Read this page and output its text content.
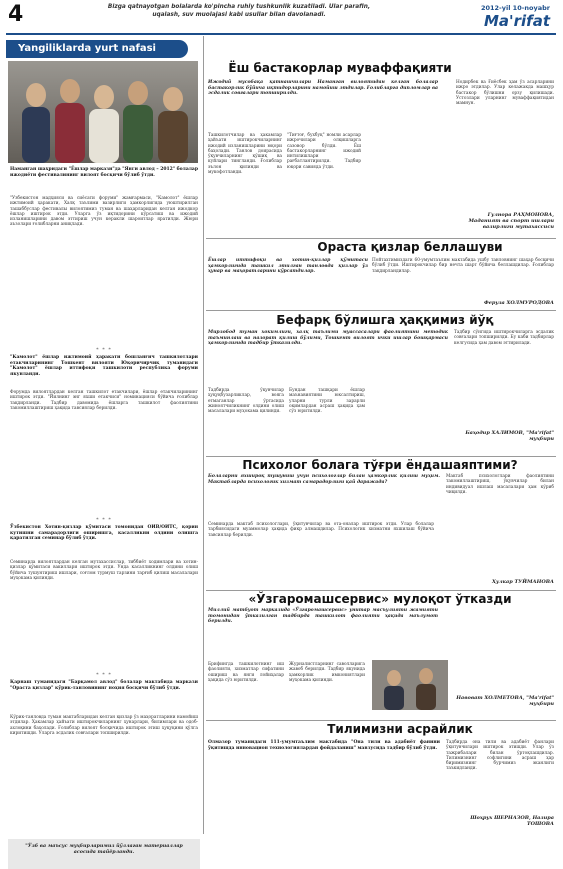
4	Bizga qatnayotgan bolalarda ko'pincha ruhiy tushkunlik kuzatiladi. Ular parafin, uqalash, suv muolajasi kabi usullar bilan davolanadi.
2012-yil 10-noyabr
Ma'rifat
Yangiliklarda yurt nafasi
Наманган шаҳридаги "Ёшлар маркази"да "Янги авлод – 2012" болалар ижодиёти фестивалининг вилоят босқичи бўлиб ўтди.
"Узбекистон мадҳияси ва сиёсати форуми" жамғармаси, "Камолот" ёшлар ижтимоий ҳаракати, Халқ таълими вазирлиги ҳамкорлигида уюштирилган ташаббуслар фестивалы вилоятимиз туман ва шаҳарларидан келган ижодкор ёшлар иштирок этди. Уларга ўз иқтидорини кўрсатиш ва ижодий изланишларини давом эттириш учун керакли шароитлар яратилди. Жюри аъзолари ғолибларни аниқлади.
* * *
"Камолот" ёшлар ижтимоий ҳаракати бошланғич ташкилотлари етакчиларининг Тошкент вилояти Юқоричирчиқ туманидаги "Камолот" ёшлар иттифоқи ташкилоти республика форуми якунланди.
Форумда вилоятлардан келган ташкилот етакчилари, ёшлар етакчиларининг иштирок этди. "Йилнинг энг яхши етакчиси" номинацияси бўйича ғолиблар тақдирланди. Тадбир давомида ёшларга ташкилот фаолиятини такомиллаштириш ҳақида тавсиялар берилди.
* * *
Ўзбекистон Хотин-қизлар қўмитаси томонидан ОИВ/ОИТС, қорин кутишни самарадорлиги оширишга, касалликни олдини олишга қаратилган семинар бўлиб ўтди.
Семинарда вилоятлардан келган мутахассислар, тиббиёт ходимлари ва хотин-қизлар қўмитаси вакиллари иштирок этди. Унда касалликнинг олдини олиш бўйича тушунтириш ишлари, соғлом турмуш тарзини тарғиб қилиш масалалари муҳокама қилинди.
* * *
Қарнаш туманидаги "Барқамол авлод" болалар мактабида маркази "Ораста қизлар" кўрик-танловининг ноҳия босқичи бўлиб ўтди.
Кўрик-танловда туман мактабларидан келган қизлар ўз маҳоратларини намойиш этдилар. Ҳакамлар ҳайъати иштирокчиларнинг ҳунарлари, билимлари ва одоб-ахлоқини баҳолади. Ғолиблар вилоят босқичида иштирок этиш ҳуқуқини қўлга киритишди. Уларга эсдалик совғалари топширилди.
"Ўзб ва маъсус муҳбирларимиз йўллаган материаллар асосида тайёрланди.
Ёш бастакорлар муваффақияти
Ижодий мусобақа қатнашчилари Наманган вилоятидан келган болалар бастакорлик бўйича иқтидорларини намойиш этдилар. Ғолибларга дипломлар ва эсдалик совғалари топширилди.
Ташкилотчилар ва ҳакамлар ҳайъати иштирокчиларнинг ижодий изланишларини юқори баҳолади. Танлов доирасида ўқувчиларнинг қўшиқ ва куйлари тингланди. Ғолиблар эълон қилинди ва мукофотланди.
"Тиғтоғ, бухбуқ" номли асарлар ижрочилари олқишларга сазовор бўлди. Ёш бастакорларнинг ижодий интилишлари рағбатлантирилди. Тадбир юқори савияда ўтди.
Нодирбек ва Ғиёсбек ҳам ўз асарларини ижро этдилар. Улар келажакда машҳур бастакор бўлишни орзу қилишади. Устозлари уларнинг муваффақиятидан мамнун.
Гулнора РАҲМОНОВА, Маданият ва спорт ишлари вазирлиги мутахассиси
Ораста қизлар беллашуви
Ёшлар иттифоқи ва хотин-қизлар қўмитаси ҳамкорлигида ташкил этилган танловда қизлар ўз ҳунар ва маҳоратларини кўрсатдилар.
Пойтахтимиздаги 60-умумтаълим мактабида ушбу танловнинг шаҳар босқичи бўлиб ўтди. Иштирокчилар бир нечта шарт бўйича беллашдилар. Ғолиблар тақдирландилар.
Феруза ХОЛМУРОДОВА
Бефарқ бўлишга ҳаққимиз йўқ
Мирзобод туман хокимлиги, халқ таълими муассасалари фаолиятини методик таъминлаш ва назорат қилиш бўлими, Тошкент вилоят ички ишлар бошқармаси ҳамкорлигида тадбир ўтказилди.
Тадбирда ўқувчилар ҳуқуқбузарликлар, вояга етмаганлар ўртасида жиноятчиликнинг олдини олиш масалалари муҳокама қилинди.
Бундан ташқари ёшлар маънавиятини юксалтириш, уларни турли зарарли оқимлардан асраш ҳақида ҳам сўз юритилди.
Тадбир сўнгида иштирокчиларга эсдалик совғалари топширилди. Бу каби тадбирлар келгусида ҳам давом эттирилади.
Баҳодир ХАЛИМОВ, "Ma'rifat" муҳбири
Психолог болага тўғри ёндашаяптими?
Болаларни яхшироқ тушуниш учун психологлар билан ҳамкорлик қилиш муҳим. Мактабларда психологик хизмат самарадорлиги қай даражада?
Семинарда мактаб психологлари, ўқитувчилар ва ота-оналар иштирок этди. Улар болалар тарбиясидаги муаммолар ҳақида фикр алмашдилар. Психологик хизматни яхшилаш бўйича тавсиялар берилди.
Мактаб психологлари фаолиятини такомиллаштириш, ўқувчилар билан индивидуал ишлаш масалалари ҳам кўриб чиқилди.
Ҳулкар ТУЙМАНОВА
«Ўзгаромашсервис» мулоқот ўтказди
Миллий матбуот марказида «Ўзгаромашсервис» унитар масъулияти жамияти томонидан ўтказилган тадбирда ташкилот фаолияти ҳақида маълумот берилди.
Брифингда ташкилотнинг иш фаолияти, хизматлар сифатини ошириш ва янги лойиҳалар ҳақида сўз юритилди.
Журналистларнинг саволларига жавоб берилди. Тадбир якунида ҳамкорлик имкониятлари муҳокама қилинди.
Навоват ХОЛМЕТОВА, "Ma'rifat" муҳбири
Тилимизни асрайлик
Олмазор туманидаги 111-умумтаълим мактабида "Она тили ва адабиёт фанини ўқитишда инновацион технологиялардан фойдаланиш" мавзусида тадбир бўлиб ўтди.
Тадбирда она тили ва адабиёт фанлари ўқитувчилари иштирок этишди. Улар ўз тажрибалари билан ўртоқлашдилар. Тилимизнинг софлигини асраш ҳар биримизнинг бурчимиз эканлиги таъкидланди.
Шоҳрух ШЕРНАЗОВ, Назира ТОШОВА
